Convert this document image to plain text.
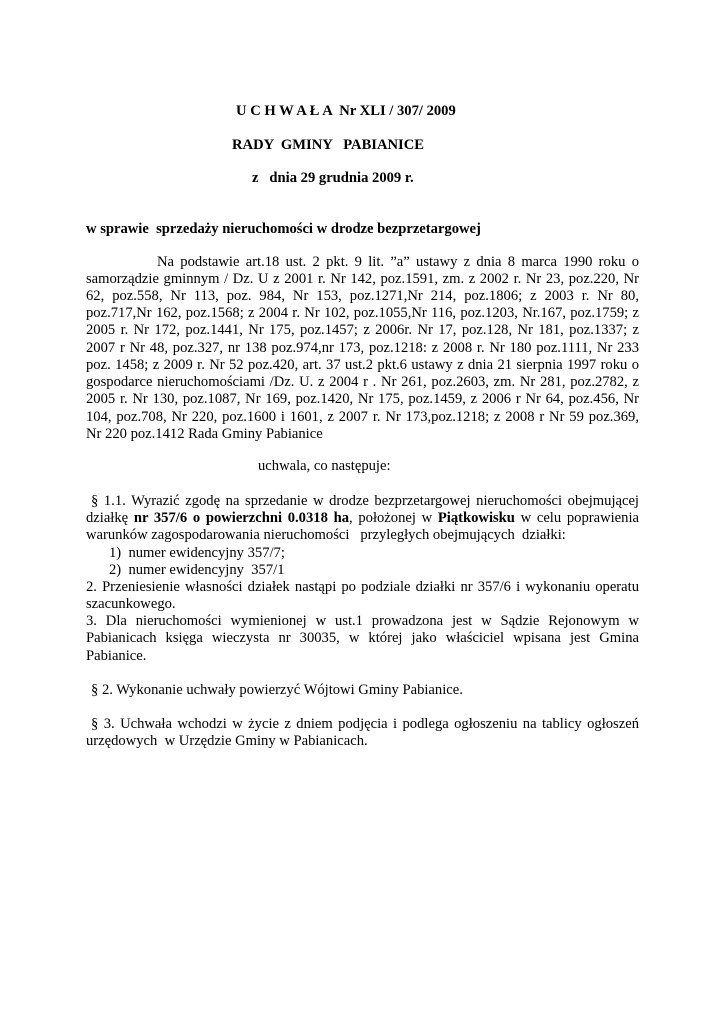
U C H W A Ł A  Nr XLI / 307/ 2009
RADY  GMINY   PABIANICE
z   dnia 29 grudnia 2009 r.
w sprawie  sprzedaży nieruchomości w drodze bezprzetargowej
Na podstawie art.18 ust. 2 pkt. 9 lit. ”a” ustawy z dnia 8 marca 1990 roku o
samorządzie gminnym / Dz. U z 2001 r. Nr 142, poz.1591, zm. z 2002 r. Nr 23, poz.220, Nr
62, poz.558, Nr 113, poz. 984, Nr 153, poz.1271,Nr 214, poz.1806; z 2003 r. Nr 80,
poz.717,Nr 162, poz.1568; z 2004 r. Nr 102, poz.1055,Nr 116, poz.1203, Nr.167, poz.1759; z
2005 r. Nr 172, poz.1441, Nr 175, poz.1457; z 2006r. Nr 17, poz.128, Nr 181, poz.1337; z
2007 r Nr 48, poz.327, nr 138 poz.974,nr 173, poz.1218: z 2008 r. Nr 180 poz.1111, Nr 233
poz. 1458; z 2009 r. Nr 52 poz.420, art. 37 ust.2 pkt.6 ustawy z dnia 21 sierpnia 1997 roku o
gospodarce nieruchomościami /Dz. U. z 2004 r . Nr 261, poz.2603, zm. Nr 281, poz.2782, z
2005 r. Nr 130, poz.1087, Nr 169, poz.1420, Nr 175, poz.1459, z 2006 r Nr 64, poz.456, Nr
104, poz.708, Nr 220, poz.1600 i 1601, z 2007 r. Nr 173,poz.1218; z 2008 r Nr 59 poz.369,
Nr 220 poz.1412 Rada Gminy Pabianice
uchwala, co następuje:
§ 1.1. Wyrazić zgodę na sprzedanie w drodze bezprzetargowej nieruchomości obejmującej
działkę nr 357/6 o powierzchni 0.0318 ha, położonej w Piątkowisku w celu poprawienia
warunków zagospodarowania nieruchomości   przyległych obejmujących  działki:
1)  numer ewidencyjny 357/7;
2)  numer ewidencyjny  357/1
2. Przeniesienie własności działek nastąpi po podziale działki nr 357/6 i wykonaniu operatu
szacunkowego.
3. Dla nieruchomości wymienionej w ust.1 prowadzona jest w Sądzie Rejonowym w
Pabianicach księga wieczysta nr 30035, w której jako właściciel wpisana jest Gmina
Pabianice.
§ 2. Wykonanie uchwały powierzyć Wójtowi Gminy Pabianice.
§ 3. Uchwała wchodzi w życie z dniem podjęcia i podlega ogłoszeniu na tablicy ogłoszeń
urzędowych  w Urzędzie Gminy w Pabianicach.
